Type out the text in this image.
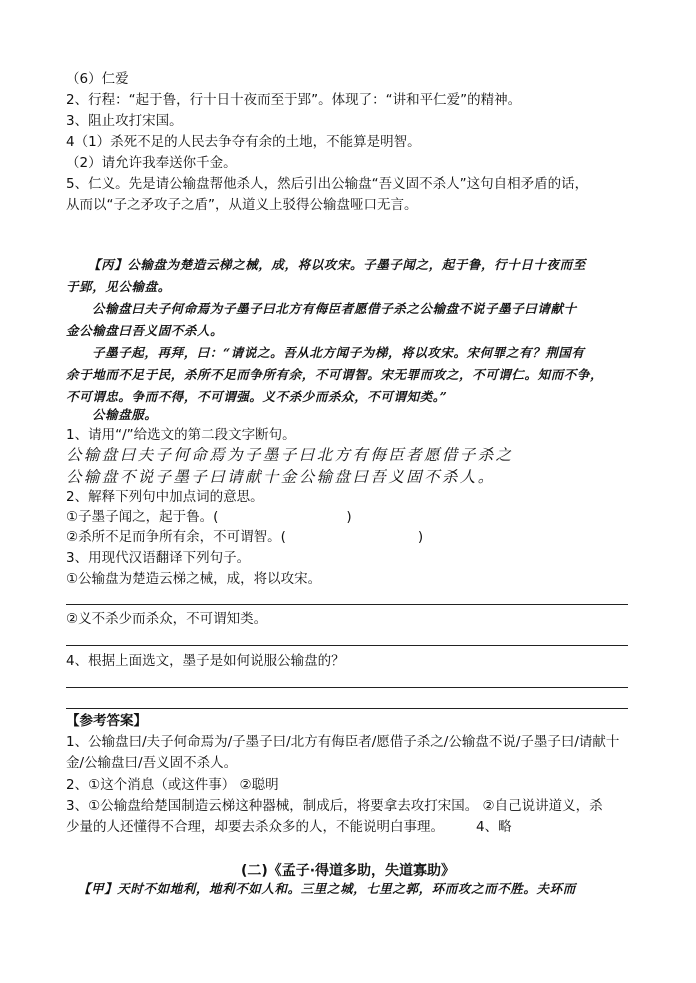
（6）仁爱
2、行程：“起于鲁，行十日十夜而至于郢”。体现了：“讲和平仁爱”的精神。
3、阻止攻打宋国。
4（1）杀死不足的人民去争夺有余的土地，不能算是明智。
（2）请允许我奉送你千金。
5、仁义。先是请公输盘帮他杀人，然后引出公输盘“吾义固不杀人”这句自相矛盾的话，
从而以“子之矛攻子之盾”，从道义上驳得公输盘哑口无言。
【丙】公输盘为楚造云梯之械，成，将以攻宋。子墨子闻之，起于鲁，行十日十夜而至
于郢，见公输盘。
公输盘曰夫子何命焉为子墨子曰北方有侮臣者愿借子杀之公输盘不说子墨子曰请献十
金公输盘曰吾义固不杀人。
子墨子起，再拜，曰：“请说之。吾从北方闻子为梯，将以攻宋。宋何罪之有？荆国有
余于地而不足于民，杀所不足而争所有余，不可谓智。宋无罪而攻之，不可谓仁。知而不争，
不可谓忠。争而不得，不可谓强。义不杀少而杀众，不可谓知类。”
公输盘服。
1、请用“/”给选文的第二段文字断句。
公输盘曰夫子何命焉为子墨子曰北方有侮臣者愿借子杀之
公输盘不说子墨子曰请献十金公输盘曰吾义固不杀人。
2、解释下列句中加点词的意思。
①子墨子闻之，起于鲁。(	)
②杀所不足而争所有余，不可谓智。(	)
3、用现代汉语翻译下列句子。
①公输盘为楚造云梯之械，成，将以攻宋。
②义不杀少而杀众，不可谓知类。
4、根据上面选文，墨子是如何说服公输盘的？
【参考答案】
1、公输盘曰/夫子何命焉为/子墨子曰/北方有侮臣者/愿借子杀之/公输盘不说/子墨子曰/请献十
金/公输盘曰/吾义固不杀人。
2、①这个消息（或这件事） ②聪明
3、①公输盘给楚国制造云梯这种器械，制成后，将要拿去攻打宋国。 ②自己说讲道义，杀
少量的人还懂得不合理，却要去杀众多的人，不能说明白事理。 4、略
(二)《孟子·得道多助，失道寡助》
【甲】天时不如地利，地利不如人和。三里之城，七里之郭，环而攻之而不胜。夫环而
